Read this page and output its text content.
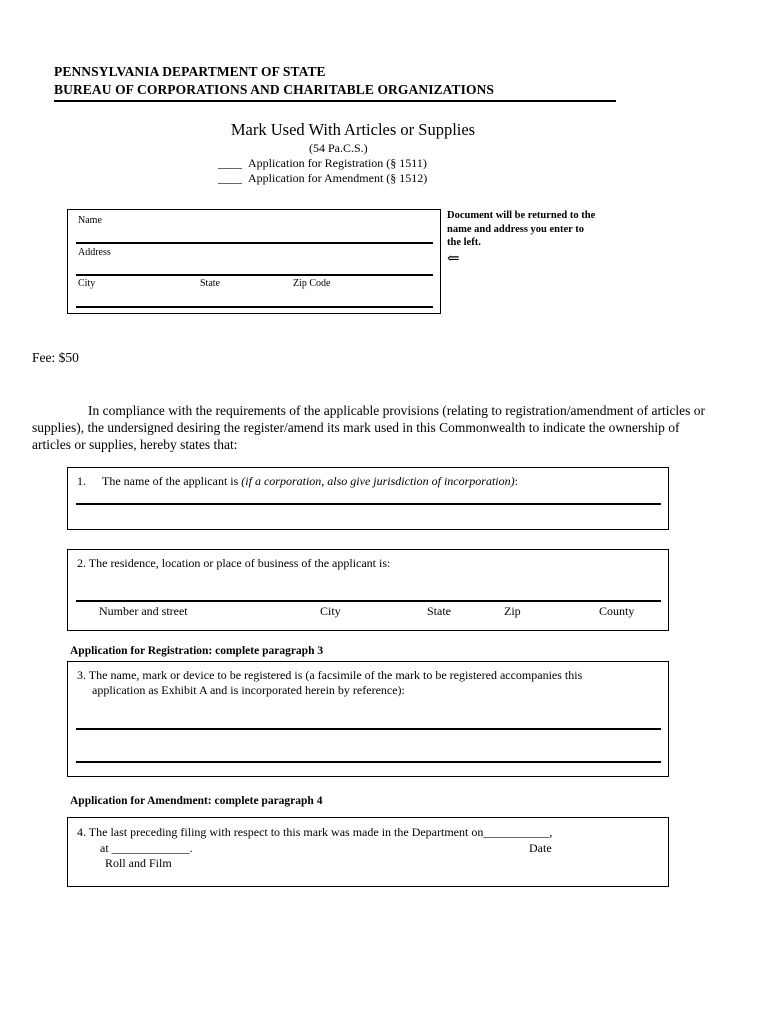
PENNSYLVANIA DEPARTMENT OF STATE
BUREAU OF CORPORATIONS AND CHARITABLE ORGANIZATIONS
Mark Used With Articles or Supplies
(54 Pa.C.S.)
____ Application for Registration (§ 1511)
____ Application for Amendment (§ 1512)
Name
Address
City	State	Zip Code
Document will be returned to the
name and address you enter to
the left.
⇐
Fee: $50
In compliance with the requirements of the applicable provisions (relating to registration/amendment of articles or
supplies), the undersigned desiring the register/amend its mark used in this Commonwealth to indicate the ownership of
articles or supplies, hereby states that:
1. The name of the applicant is (if a corporation, also give jurisdiction of incorporation):
2. The residence, location or place of business of the applicant is:
Number and street	City	State	Zip	County
Application for Registration: complete paragraph 3
3. The name, mark or device to be registered is (a facsimile of the mark to be registered accompanies this
application as Exhibit A and is incorporated herein by reference):
Application for Amendment: complete paragraph 4
4. The last preceding filing with respect to this mark was made in the Department on___________,
at _____________.	Date
Roll and Film
